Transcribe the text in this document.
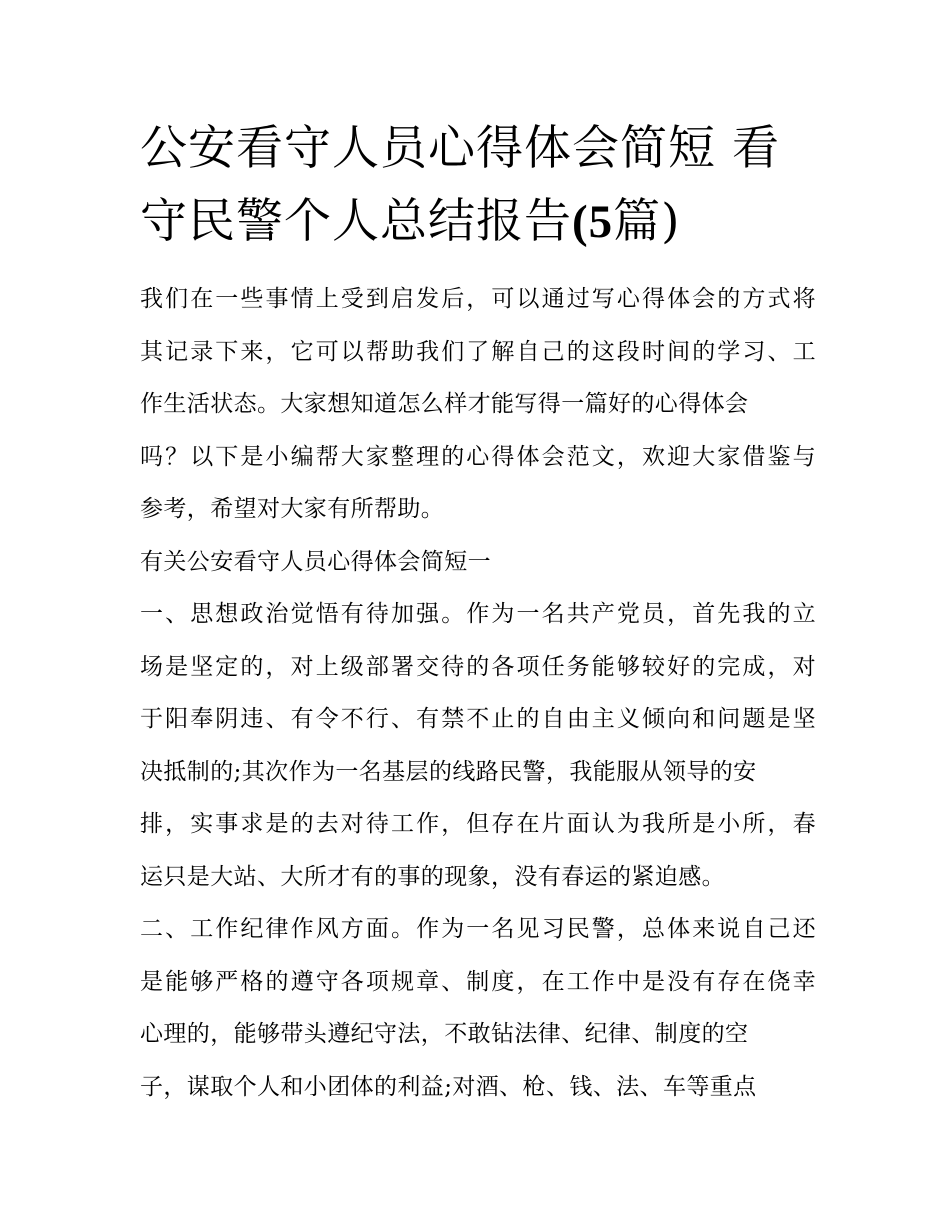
公安看守人员心得体会简短 看
守民警个人总结报告(5篇)
我们在一些事情上受到启发后，可以通过写心得体会的方式将
其记录下来，它可以帮助我们了解自己的这段时间的学习、工
作生活状态。大家想知道怎么样才能写得一篇好的心得体会
吗？以下是小编帮大家整理的心得体会范文，欢迎大家借鉴与
参考，希望对大家有所帮助。
有关公安看守人员心得体会简短一
一、思想政治觉悟有待加强。作为一名共产党员，首先我的立
场是坚定的，对上级部署交待的各项任务能够较好的完成，对
于阳奉阴违、有令不行、有禁不止的自由主义倾向和问题是坚
决抵制的;其次作为一名基层的线路民警，我能服从领导的安
排，实事求是的去对待工作，但存在片面认为我所是小所，春
运只是大站、大所才有的事的现象，没有春运的紧迫感。
二、工作纪律作风方面。作为一名见习民警，总体来说自己还
是能够严格的遵守各项规章、制度，在工作中是没有存在侥幸
心理的，能够带头遵纪守法，不敢钻法律、纪律、制度的空
子，谋取个人和小团体的利益;对酒、枪、钱、法、车等重点
